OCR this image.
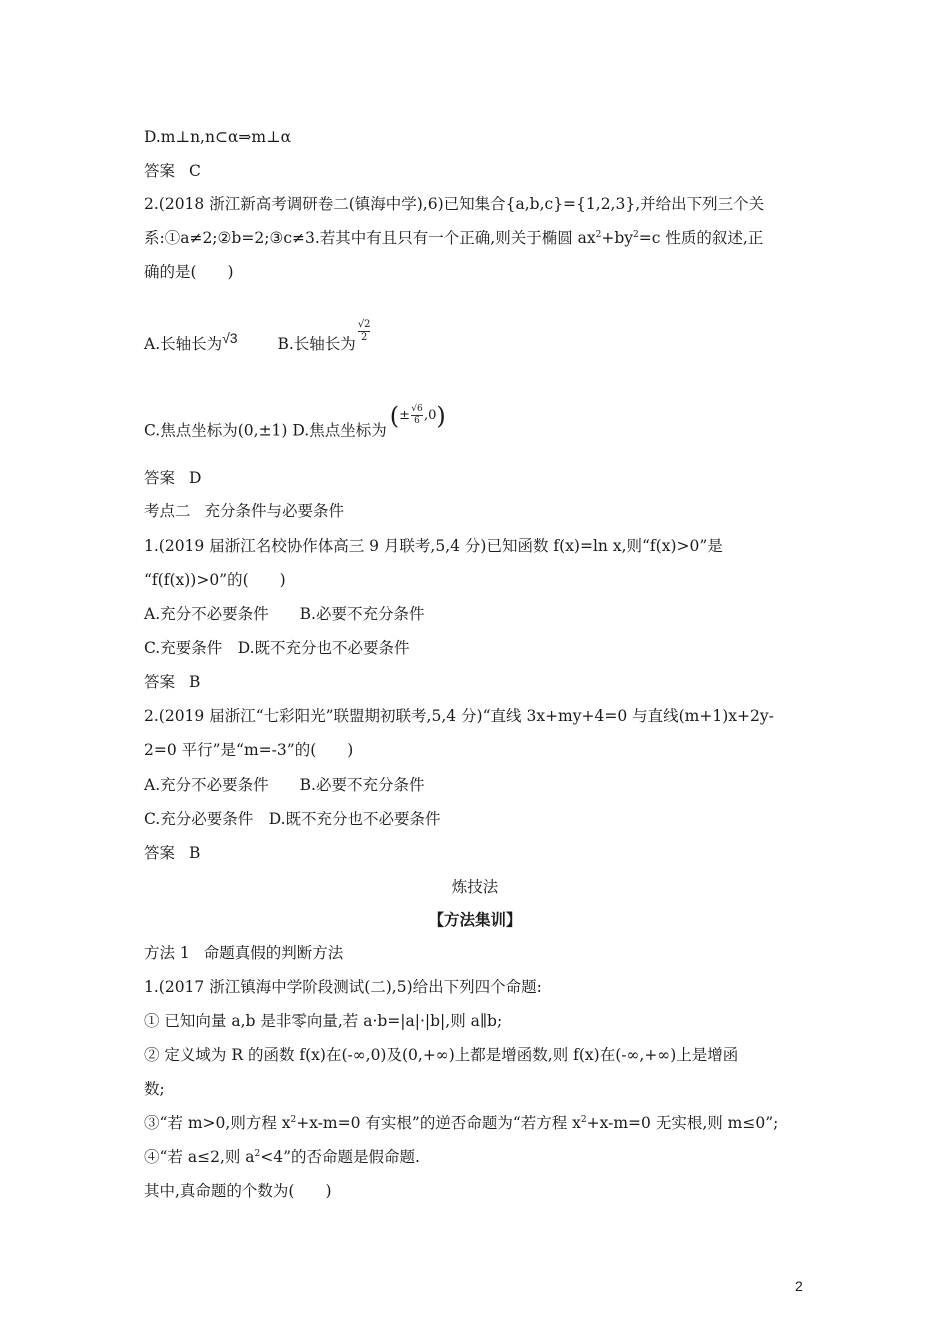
D.m⊥n,n⊂α⇒m⊥α
答案 C
2.(2018 浙江新高考调研卷二(镇海中学),6)已知集合{a,b,c}={1,2,3},并给出下列三个关
系:①a≠2;②b=2;③c≠3.若其中有且只有一个正确,则关于椭圆 $ax^2+by^2=c$ 性质的叙述,正
确的是(　　)
A.长轴长为√3	B.长轴长为
$\frac{√2}{2}$
C.焦点坐标为(0,±1) D.焦点坐标为
( ± √6
6 ,0 )
答案 D
考点二 充分条件与必要条件
1.(2019 届浙江名校协作体高三 9 月联考,5,4 分)已知函数 f(x)=ln x,则“f(x)>0”是
“f(f(x))>0”的(　　)
A.充分不必要条件　　B.必要不充分条件
C.充要条件　D.既不充分也不必要条件
答案 B
2.(2019 届浙江“七彩阳光”联盟期初联考,5,4 分)“直线 3x+my+4=0 与直线(m+1)x+2y-
2=0 平行”是“m=-3”的(　　)
A.充分不必要条件　　B.必要不充分条件
C.充分必要条件　D.既不充分也不必要条件
答案 B
炼技法
【方法集训】
方法 1 命题真假的判断方法
1.(2017 浙江镇海中学阶段测试(二),5)给出下列四个命题:
① 已知向量 a,b 是非零向量,若 a·b=|a|·|b|,则 a∥b;
② 定义域为 R 的函数 f(x)在(-∞,0)及(0,+∞)上都是增函数,则 f(x)在(-∞,+∞)上是增函
数;
③“若 m>0,则方程 $x^2+x-m=0$ 有实根”的逆否命题为“若方程 $x^2+x-m=0$ 无实根,则 m≤0”;
④“若 a≤2,则 $a^2<4$”的否命题是假命题.
其中,真命题的个数为(　　)
2
